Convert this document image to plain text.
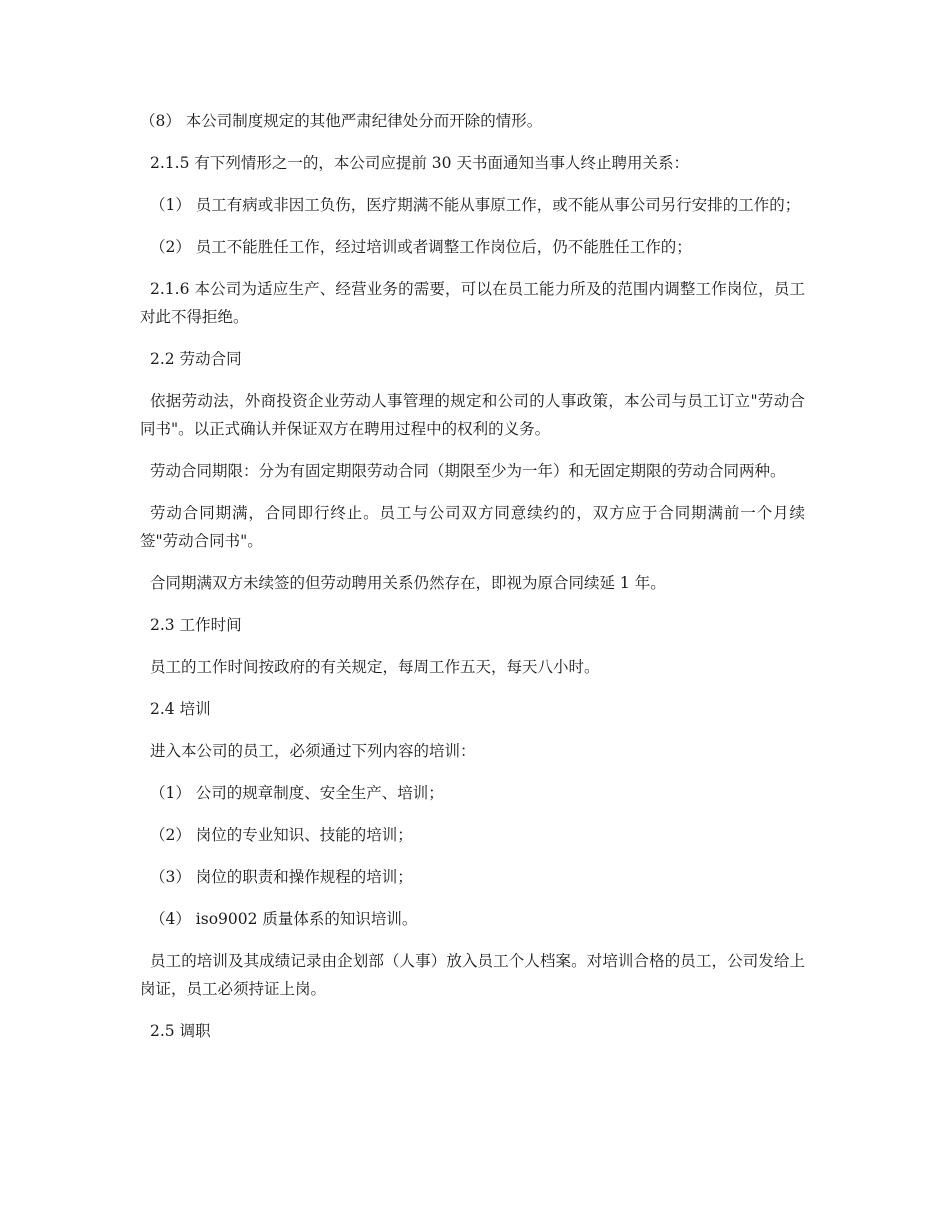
（8） 本公司制度规定的其他严肃纪律处分而开除的情形。

2.1.5 有下列情形之一的，本公司应提前 30 天书面通知当事人终止聘用关系：

（1） 员工有病或非因工负伤，医疗期满不能从事原工作，或不能从事公司另行安排的工作的；

（2） 员工不能胜任工作，经过培训或者调整工作岗位后，仍不能胜任工作的；

2.1.6 本公司为适应生产、经营业务的需要，可以在员工能力所及的范围内调整工作岗位，员工对此不得拒绝。

2.2 劳动合同

依据劳动法，外商投资企业劳动人事管理的规定和公司的人事政策，本公司与员工订立"劳动合同书"。以正式确认并保证双方在聘用过程中的权利的义务。

劳动合同期限：分为有固定期限劳动合同（期限至少为一年）和无固定期限的劳动合同两种。

劳动合同期满，合同即行终止。员工与公司双方同意续约的，双方应于合同期满前一个月续签"劳动合同书"。

合同期满双方未续签的但劳动聘用关系仍然存在，即视为原合同续延 1 年。

2.3 工作时间

员工的工作时间按政府的有关规定，每周工作五天，每天八小时。

2.4 培训

进入本公司的员工，必须通过下列内容的培训：

（1） 公司的规章制度、安全生产、培训；

（2） 岗位的专业知识、技能的培训；

（3） 岗位的职责和操作规程的培训；

（4） iso9002 质量体系的知识培训。

员工的培训及其成绩记录由企划部（人事）放入员工个人档案。对培训合格的员工，公司发给上岗证，员工必须持证上岗。

2.5 调职
